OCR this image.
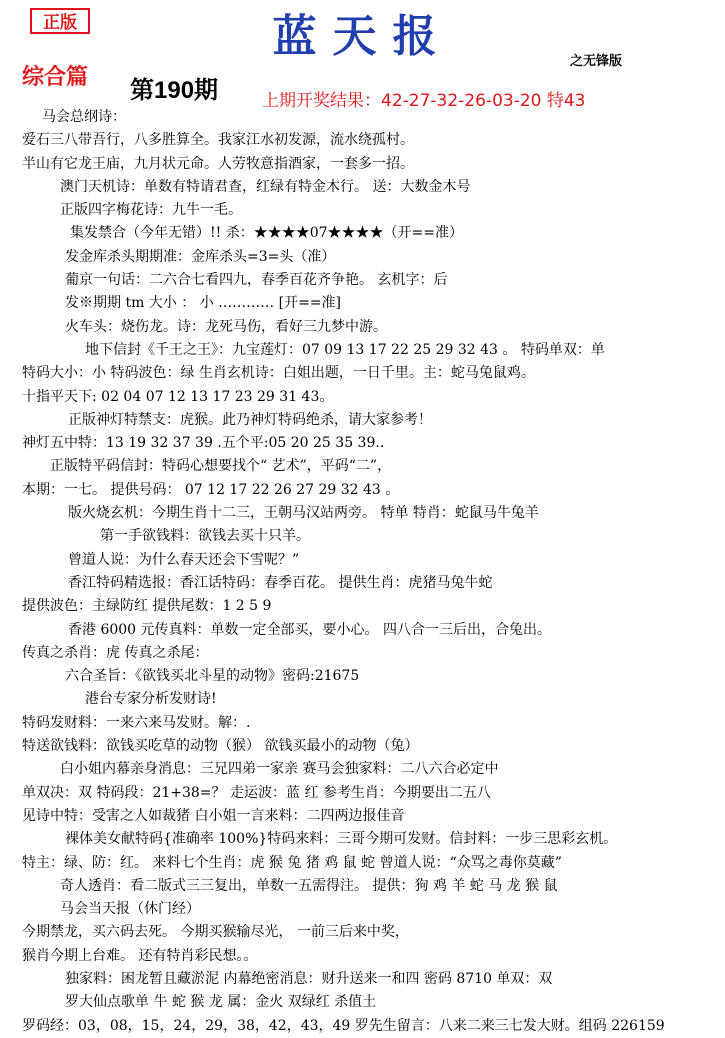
正版	蓝天报	之无锋版
综合篇 第190期	上期开奖结果：42-27-32-26-03-20 特43
马会总纲诗：
爱石三八带吾行，八多胜算全。我家江水初发源，流水绕孤村。
半山有它龙王庙，九月状元命。人劳牧意指酒家，一套多一招。
澳门天机诗：单数有特请君查，红绿有特金木行。 送：大数金木号
正版四字梅花诗：九牛一毛。
集发禁合（今年无错）!! 杀：★★★★07★★★★（开==准）
发金库杀头期期准：金库杀头=3=头（准）
葡京一句话：二六合七看四九，春季百花齐争艳。 玄机字：后
发※期期 tm 大小 ： 小 ………… [开==准]
火车头：烧伤龙。诗：龙死马伤，看好三九梦中游。
地下信封《千王之王》：九宝莲灯：07 09 13 17 22 25 29 32 43 。 特码单双：单
特码大小：小 特码波色：绿 生肖玄机诗：白姐出题，一日千里。主：蛇马兔鼠鸡。
十指平天下: 02 04 07 12 13 17 23 29 31 43。
正版神灯特禁支：虎猴。此乃神灯特码绝杀，请大家参考！
神灯五中特：13 19 32 37 39 .五个平:05 20 25 35 39..
正版特平码信封：特码心想要找个“ 艺术”，平码“二”，
本期：一七。 提供号码： 07 12 17 22 26 27 29 32 43 。
版火烧玄机：今期生肖十二三，王朝马汉站两旁。 特单 特肖：蛇鼠马牛兔羊
第一手欲钱料：欲钱去买十只羊。
曾道人说：为什么春天还会下雪呢？”
香江特码精选报：香江话特码：春季百花。 提供生肖：虎猪马兔牛蛇
提供波色：主绿防红 提供尾数：1 2 5 9
香港 6000 元传真料：单数一定全部买，要小心。 四八合一三后出，合兔出。
传真之杀肖：虎 传真之杀尾：
六合圣旨：《欲钱买北斗星的动物》密码:21675
港台专家分析发财诗!
特码发财料：一来六来马发财。解：.
特送欲钱料：欲钱买吃草的动物（猴） 欲钱买最小的动物（兔）
白小姐内幕亲身消息：三兄四弟一家亲 赛马会独家料：二八六合必定中
单双决：双 特码段：21+38=？ 走运波：蓝 红 参考生肖：今期要出二五八
见诗中特：受害之人如裁猪 白小姐一言来料：二四两边报佳音
裸体美女献特码{准确率 100%}特码来料：三哥今期可发财。信封料：一步三思彩玄机。
特主：绿、防：红。 来料七个生肖：虎 猴 兔 猪 鸡 鼠 蛇 曾道人说：“众骂之毒你莫藏”
奇人透肖：看二版式三三复出，单数一五需得注。 提供：狗 鸡 羊 蛇 马 龙 猴 鼠
马会当天报（休门经）
今期禁龙，买六码去死。 今期买猴输尽光， 一前三后来中奖，
猴肖今期上台难。 还有特肖彩民想。。
独家料：困龙暂且藏淤泥 内幕绝密消息：财升送来一和四 密码 8710 单双：双
罗大仙点歌单 牛 蛇 猴 龙 属：金火 双绿红 杀值土
罗码经：03，08，15，24，29，38，42，43，49 罗先生留言：八来二来三七发大财。组码 226159
